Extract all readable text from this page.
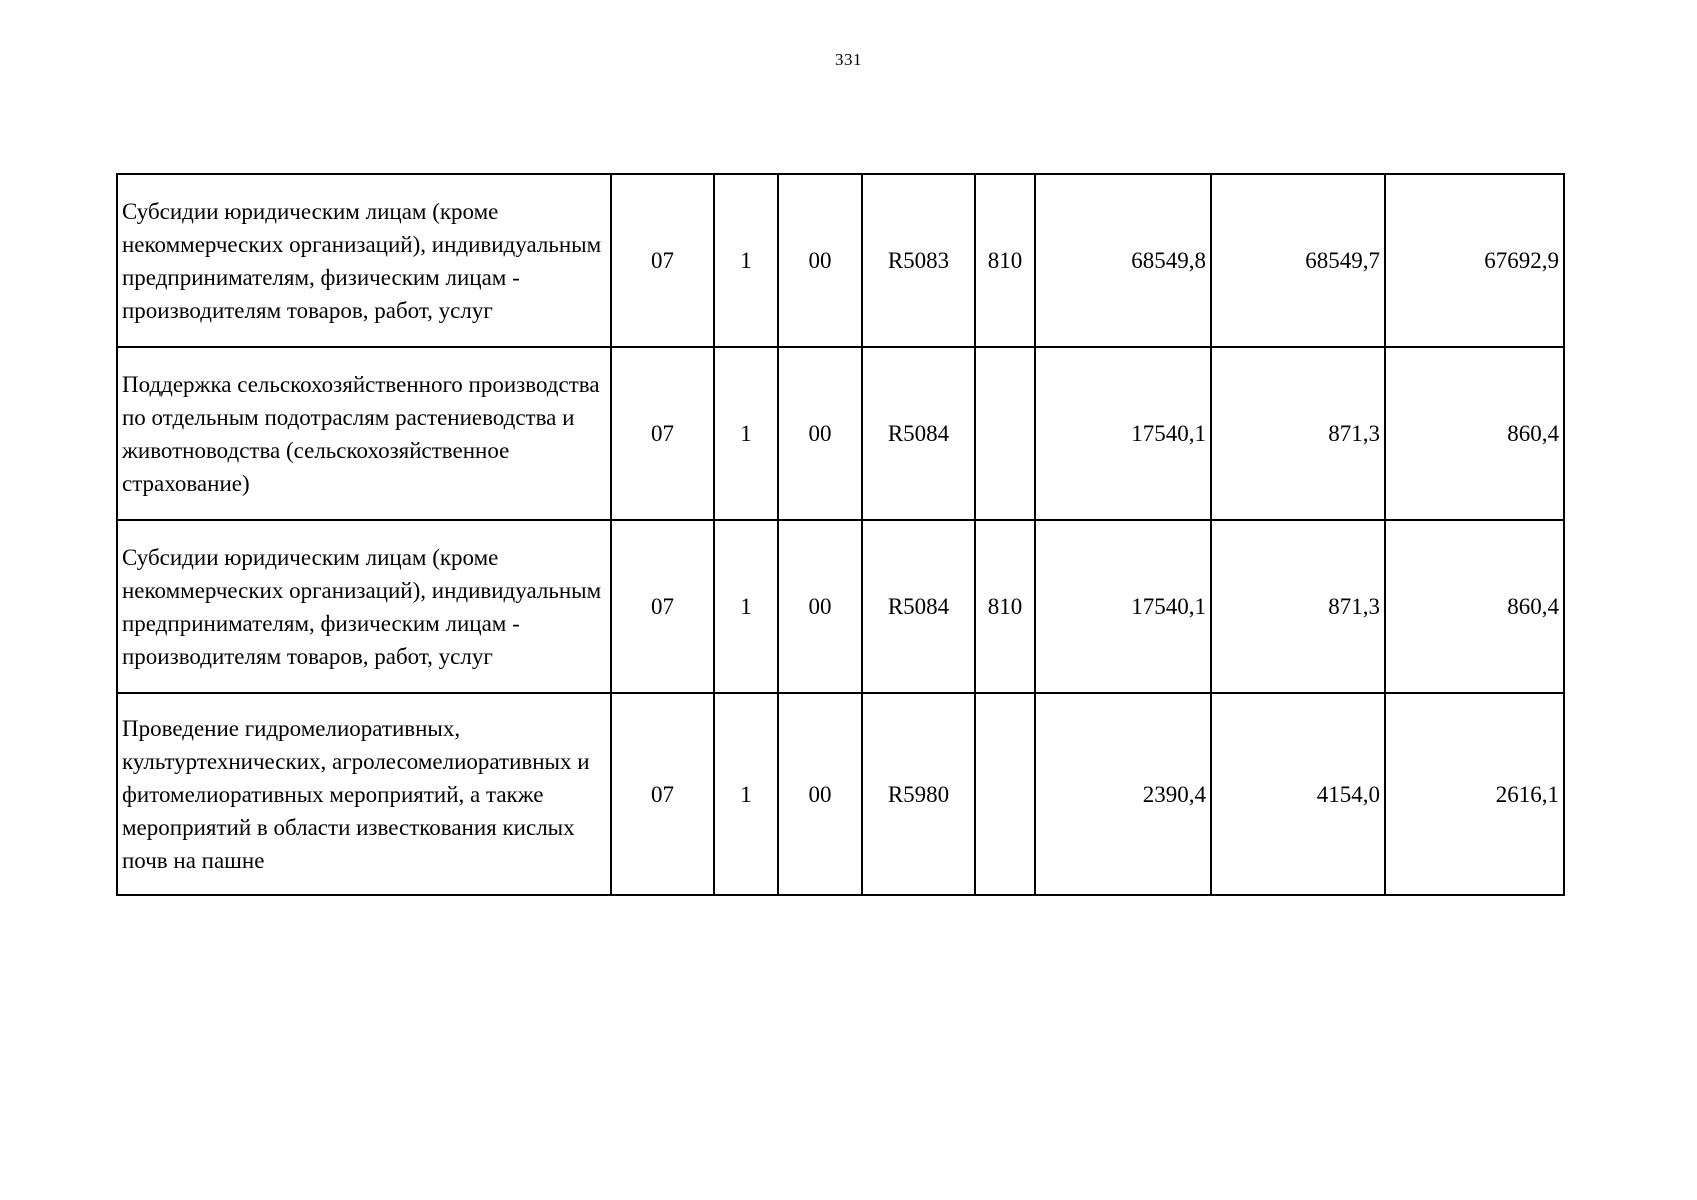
331
Субсидии юридическим лицам (кроме некоммерческих организаций), индивидуальным предпринимателям, физическим лицам - производителям товаров, работ, услуг	07	1	00	R5083	810	68549,8	68549,7	67692,9
Поддержка сельскохозяйственного производства по отдельным подотраслям растениеводства и животноводства (сельскохозяйственное страхование)	07	1	00	R5084		17540,1	871,3	860,4
Субсидии юридическим лицам (кроме некоммерческих организаций), индивидуальным предпринимателям, физическим лицам - производителям товаров, работ, услуг	07	1	00	R5084	810	17540,1	871,3	860,4
Проведение гидромелиоративных, культуртехнических, агролесомелиоративных и фитомелиоративных мероприятий, а также мероприятий в области известкования кислых почв на пашне	07	1	00	R5980		2390,4	4154,0	2616,1
